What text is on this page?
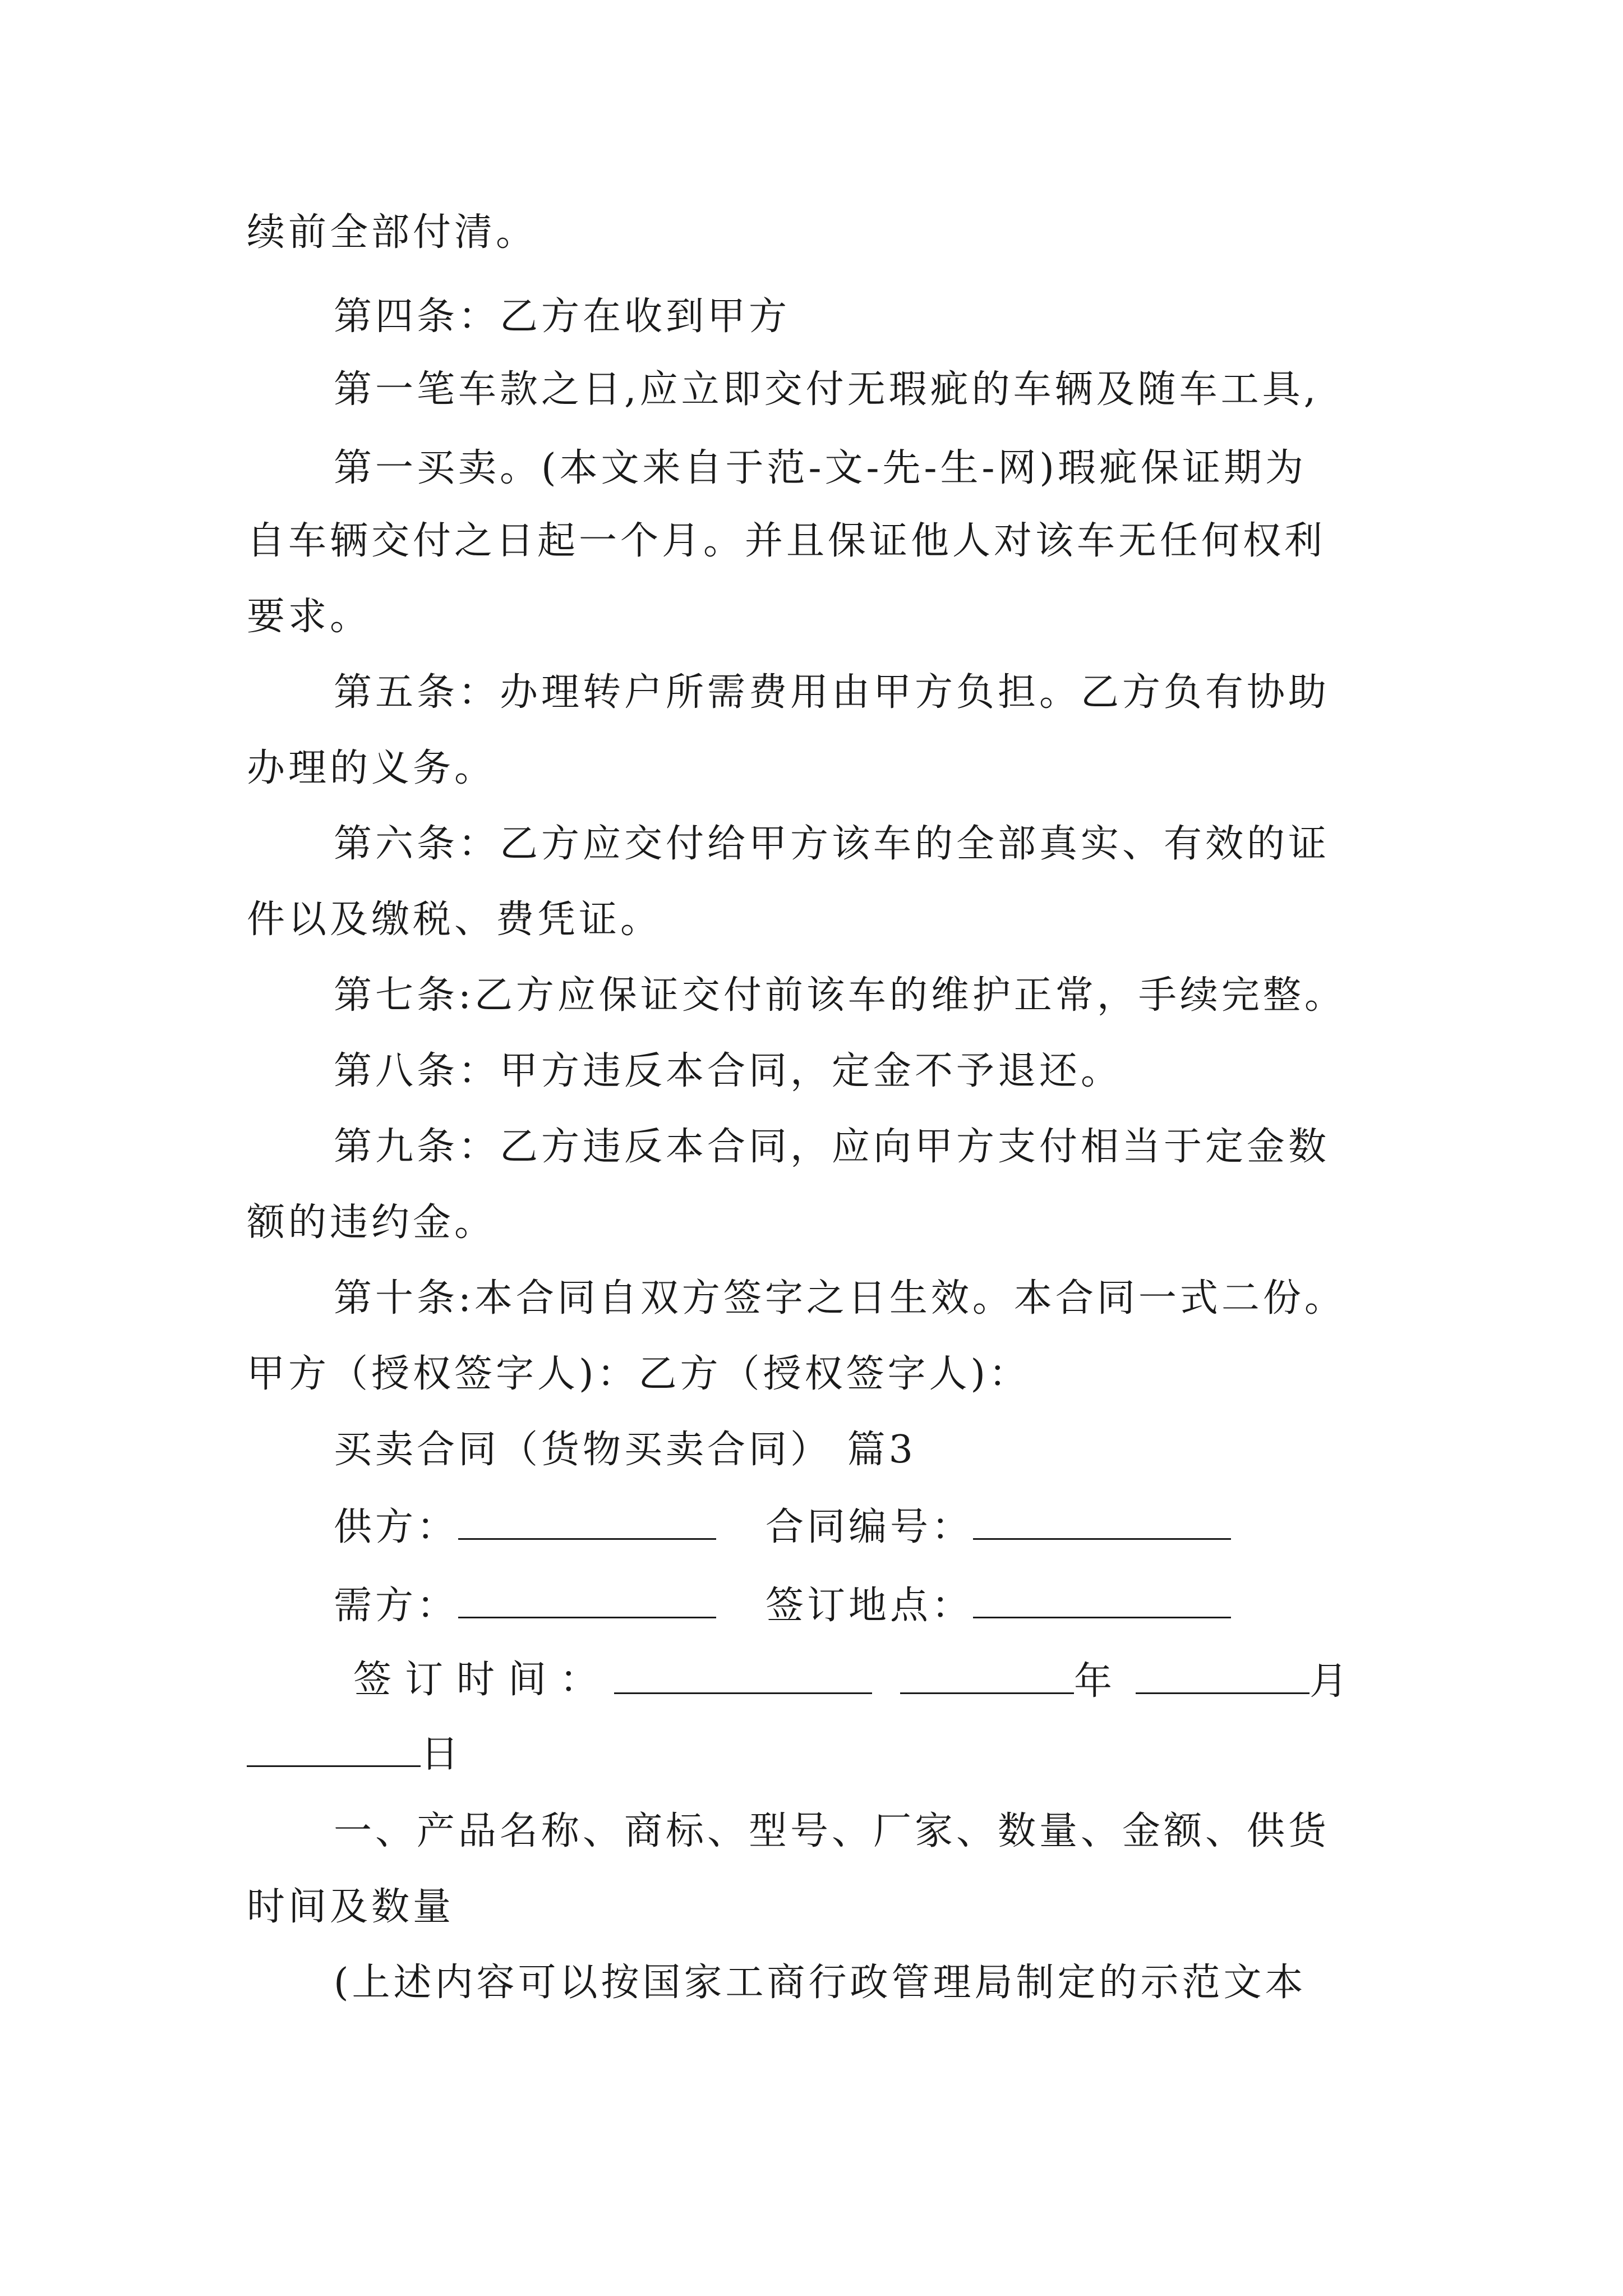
续前全部付清。
第四条：乙方在收到甲方
第一笔车款之日,应立即交付无瑕疵的车辆及随车工具,
第一买卖。(本文来自于范-文-先-生-网)瑕疵保证期为
自车辆交付之日起一个月。并且保证他人对该车无任何权利
要求。
第五条：办理转户所需费用由甲方负担。乙方负有协助
办理的义务。
第六条：乙方应交付给甲方该车的全部真实、有效的证
件以及缴税、费凭证。
第七条:乙方应保证交付前该车的维护正常，手续完整。
第八条：甲方违反本合同，定金不予退还。
第九条：乙方违反本合同，应向甲方支付相当于定金数
额的违约金。
第十条:本合同自双方签字之日生效。本合同一式二份。
甲方（授权签字人)：乙方（授权签字人)：
买卖合同（货物买卖合同） 篇3
供方：	合同编号：
需方：	签订地点：
签订时间：	年	月
日
一、产品名称、商标、型号、厂家、数量、金额、供货
时间及数量
(上述内容可以按国家工商行政管理局制定的示范文本
